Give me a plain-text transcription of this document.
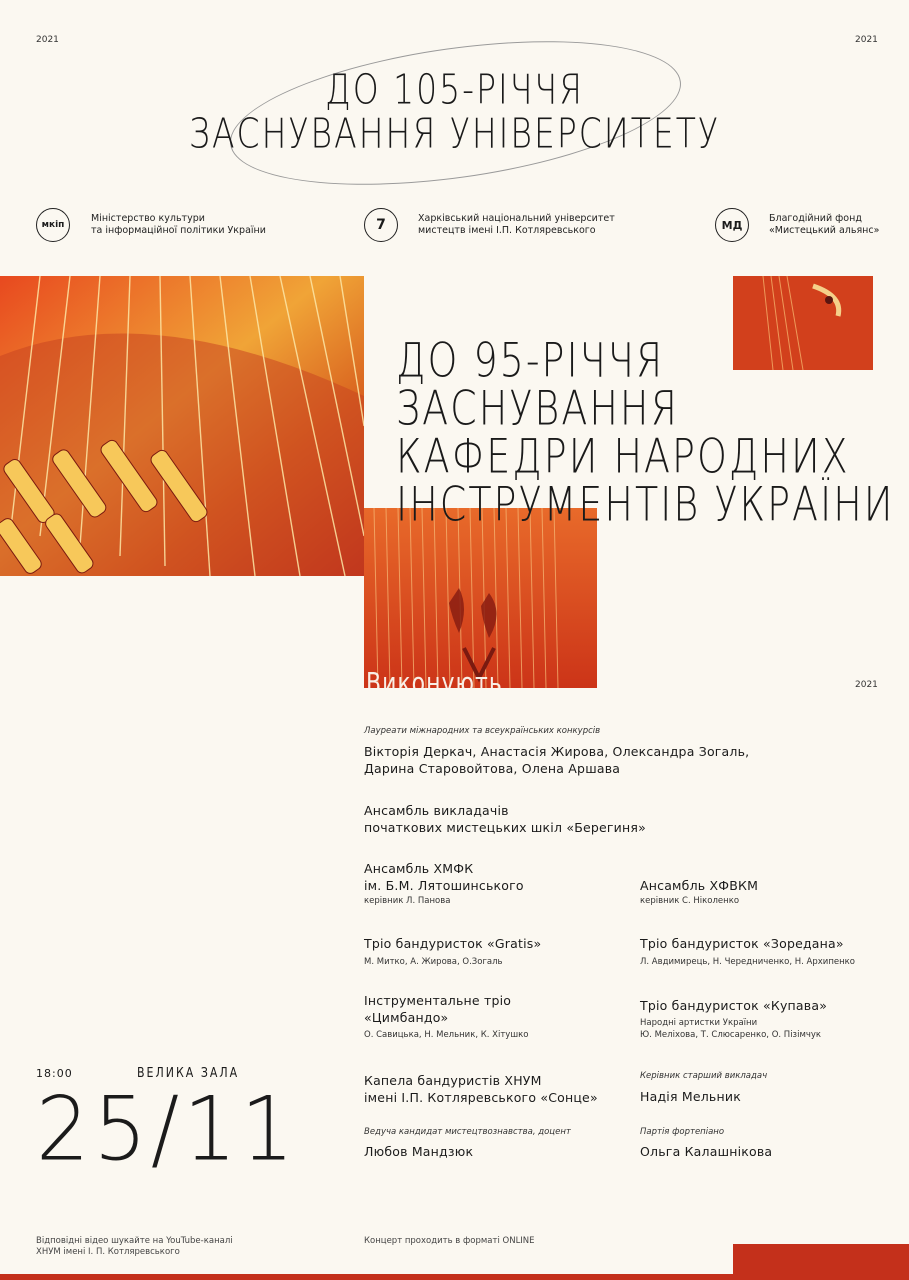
2021	2021
ДО 105-РІЧЧЯ
ЗАСНУВАННЯ УНІВЕРСИТЕТУ
мкіп
Міністерство культури
та інформаційної політики України	7	Харківський національний університет
мистецтв імені І.П. Котляревського	МД	Благодійний фонд
«Мистецький альянс»
ДО 95-РІЧЧЯ
ЗАСНУВАННЯ
КАФЕДРИ НАРОДНИХ
ІНСТРУМЕНТІВ УКРАЇНИ
Виконують	2021
Лауреати міжнародних та всеукраїнських конкурсів
Вікторія Деркач, Анастасія Жирова, Олександра Зогаль,
Дарина Старовойтова, Олена Аршава
Ансамбль викладачів
початкових мистецьких шкіл «Берегиня»
Ансамбль ХМФК
ім. Б.М. Лятошинського
керівник Л. Панова
Ансамбль ХФВКМ
керівник С. Ніколенко
Тріо бандуристок «Gratis»
М. Митко, А. Жирова, О.Зогаль
Тріо бандуристок «Зоредана»
Л. Авдимирець, Н. Чередниченко, Н. Архипенко
Інструментальне тріо
«Цимбандо»
О. Савицька, Н. Мельник, К. Хітушко
Тріо бандуристок «Купава»
Народні артистки України
Ю. Меліхова, Т. Слюсаренко, О. Пізімчук
Капела бандуристів ХНУМ
імені І.П. Котляревського «Сонце»
Керівник старший викладач
Надія Мельник
Ведуча кандидат мистецтвознавства, доцент
Любов Мандзюк
Партія фортепіано
Ольга Калашнікова
18:00	ВЕЛИКА ЗАЛА
25/11
Відповідні відео шукайте на YouTube-каналі
ХНУМ імені І. П. Котляревського
Концерт проходить в форматі ONLINE
